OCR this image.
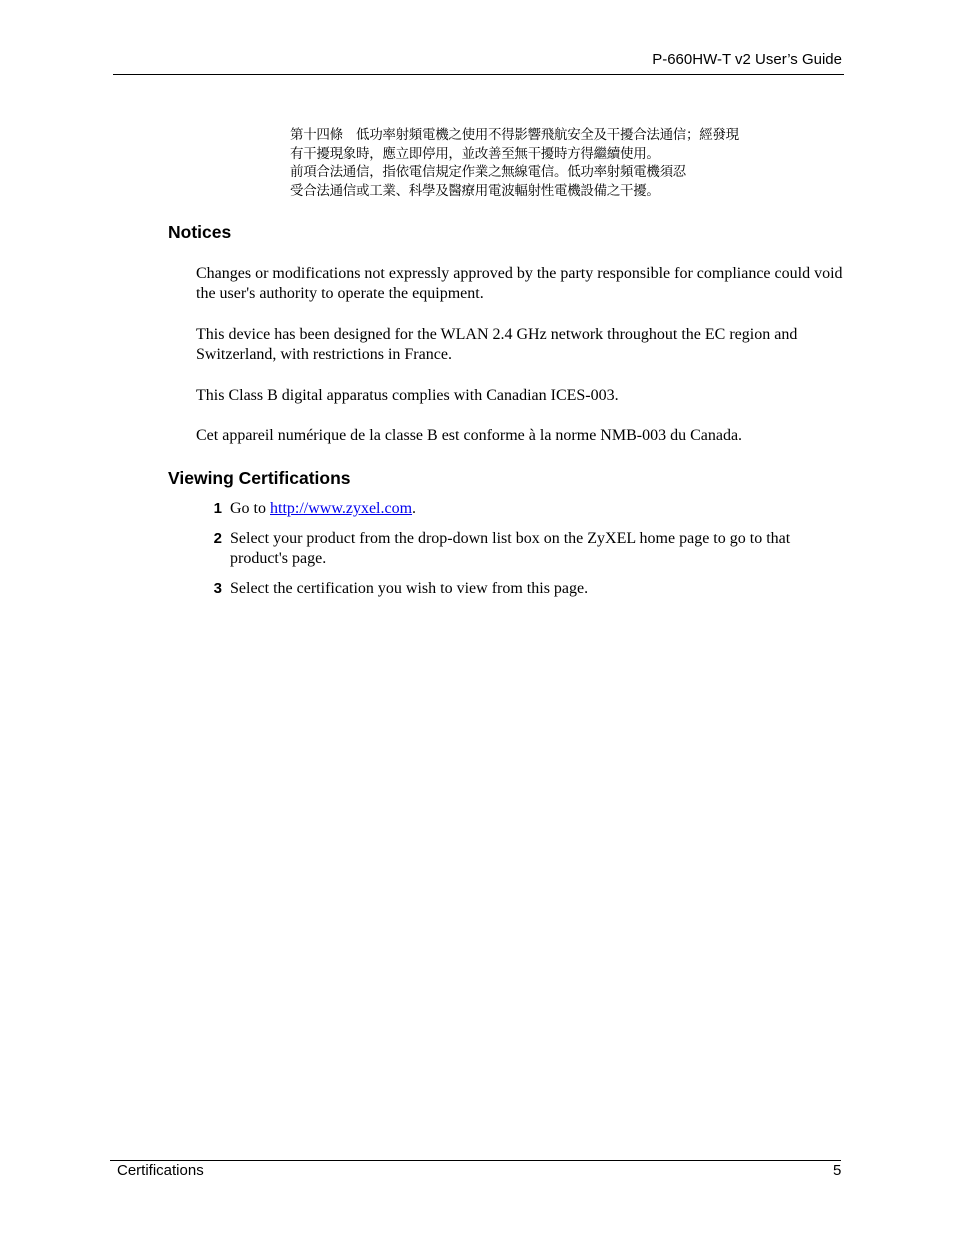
P-660HW-T v2 User’s Guide
第十四條　低功率射頻電機之使用不得影響飛航安全及干擾合法通信；經發現
有干擾現象時，應立即停用，並改善至無干擾時方得繼續使用。
前項合法通信，指依電信規定作業之無線電信。低功率射頻電機須忍
受合法通信或工業、科學及醫療用電波輻射性電機設備之干擾。
Notices

Changes or modifications not expressly approved by the party responsible for compliance could void the user's authority to operate the equipment.

This device has been designed for the WLAN 2.4 GHz network throughout the EC region and Switzerland, with restrictions in France.

This Class B digital apparatus complies with Canadian ICES-003.

Cet appareil numérique de la classe B est conforme à la norme NMB-003 du Canada.

Viewing Certifications
1 Go to http://www.zyxel.com.
2 Select your product from the drop-down list box on the ZyXEL home page to go to that product's page.
3 Select the certification you wish to view from this page.
Certifications	5
